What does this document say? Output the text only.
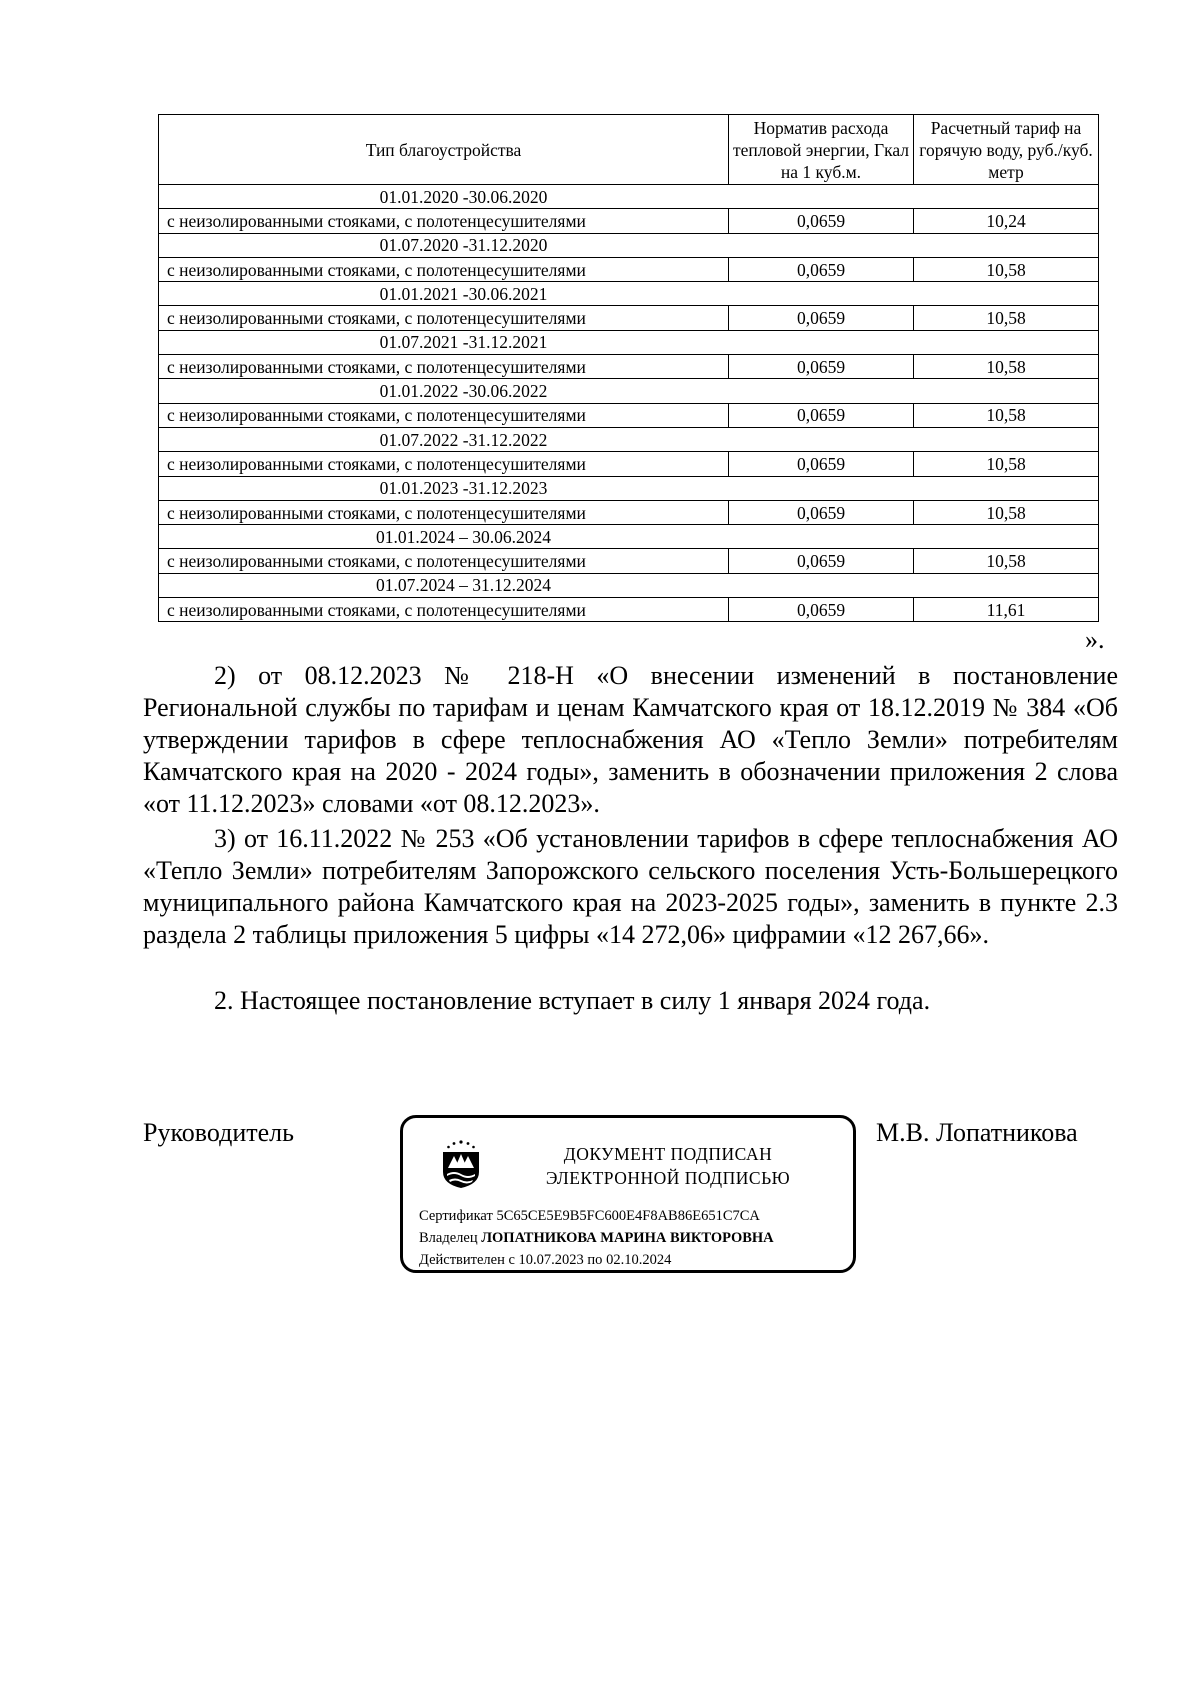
Тип благоустройства	Норматив расхода тепловой энергии, Гкал на 1 куб.м.	Расчетный тариф на горячую воду, руб./куб. метр
01.01.2020 -30.06.2020		
с неизолированными стояками, с полотенцесушителями	0,0659	10,24
01.07.2020 -31.12.2020		
с неизолированными стояками, с полотенцесушителями	0,0659	10,58
01.01.2021 -30.06.2021		
с неизолированными стояками, с полотенцесушителями	0,0659	10,58
01.07.2021 -31.12.2021		
с неизолированными стояками, с полотенцесушителями	0,0659	10,58
01.01.2022 -30.06.2022		
с неизолированными стояками, с полотенцесушителями	0,0659	10,58
01.07.2022 -31.12.2022		
с неизолированными стояками, с полотенцесушителями	0,0659	10,58
01.01.2023 -31.12.2023		
с неизолированными стояками, с полотенцесушителями	0,0659	10,58
01.01.2024 – 30.06.2024		
с неизолированными стояками, с полотенцесушителями	0,0659	10,58
01.07.2024 – 31.12.2024		
с неизолированными стояками, с полотенцесушителями	0,0659	11,61
».

2) от 08.12.2023 № 218-Н «О внесении изменений в постановление Региональной службы по тарифам и ценам Камчатского края от 18.12.2019 № 384 «Об утверждении тарифов в сфере теплоснабжения АО «Тепло Земли» потребителям Камчатского края на 2020 - 2024 годы», заменить в обозначении приложения 2 слова «от 11.12.2023» словами «от 08.12.2023».

3) от 16.11.2022 № 253 «Об установлении тарифов в сфере теплоснабжения АО «Тепло Земли» потребителям Запорожского сельского поселения Усть-Большерецкого муниципального района Камчатского края на 2023-2025 годы», заменить в пункте 2.3 раздела 2 таблицы приложения 5 цифры «14 272,06» цифрамии «12 267,66».

2. Настоящее постановление вступает в силу 1 января 2024 года.

Руководитель
ДОКУМЕНТ ПОДПИСАН
ЭЛЕКТРОННОЙ ПОДПИСЬЮ
Сертификат 5C65CE5E9B5FC600E4F8AB86E651C7CA
Владелец ЛОПАТНИКОВА МАРИНА ВИКТОРОВНА
Действителен с 10.07.2023 по 02.10.2024
М.В. Лопатникова
